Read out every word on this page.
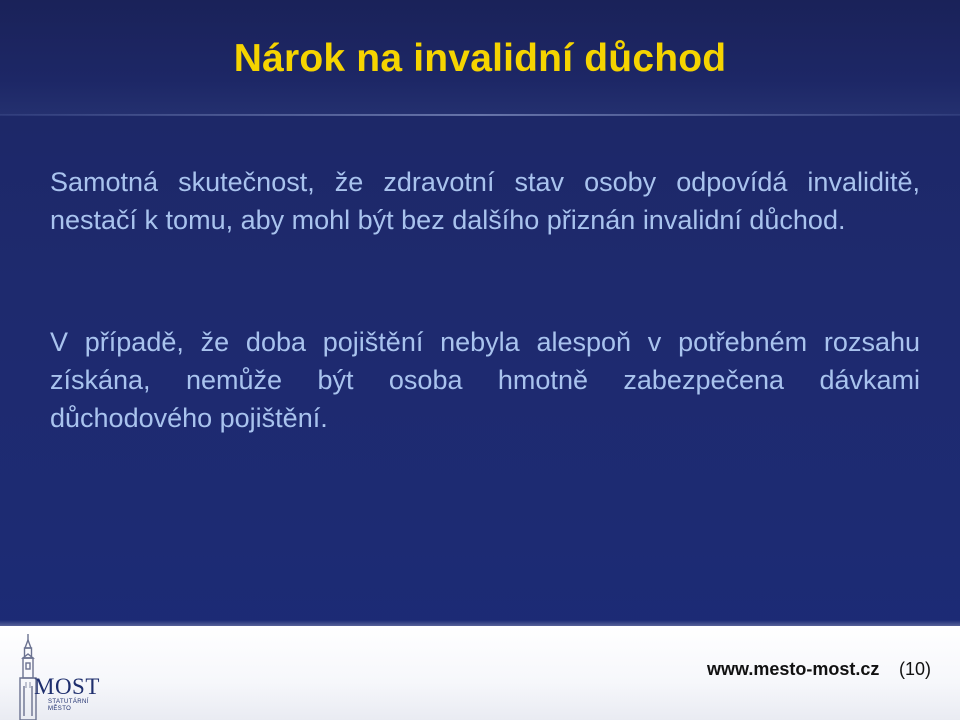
Nárok na invalidní důchod
Samotná skutečnost, že zdravotní stav osoby odpovídá invaliditě, nestačí k tomu, aby mohl být bez dalšího přiznán invalidní důchod.
V případě, že doba pojištění nebyla alespoň v potřebném rozsahu získána, nemůže být osoba hmotně zabezpečena dávkami důchodového pojištění.
MOST
STATUTÁRNÍ
MĚSTO
www.mesto-most.cz (10)
